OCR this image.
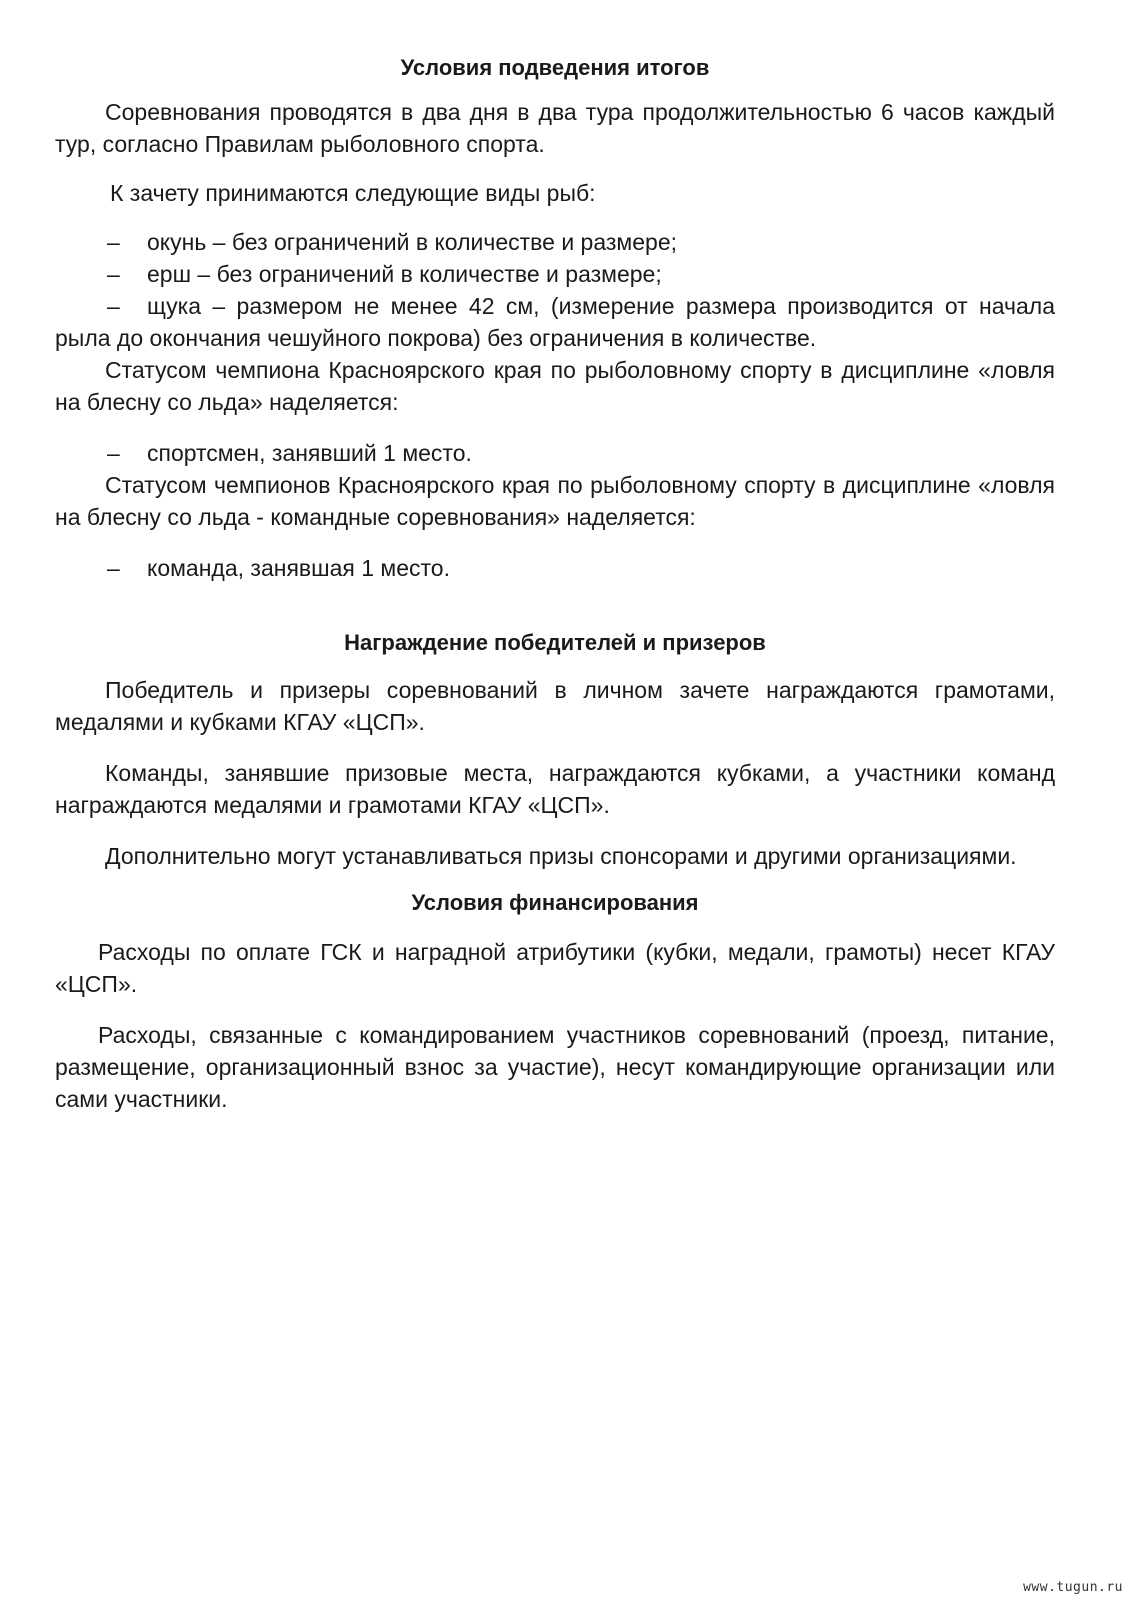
Условия подведения итогов

Соревнования проводятся в два дня в два тура продолжительностью 6 часов каждый тур, согласно Правилам рыболовного спорта.

К зачету принимаются следующие виды рыб:

– окунь – без ограничений в количестве и размере;

– ерш – без ограничений в количестве и размере;

– щука – размером не менее 42 см, (измерение размера производится от начала рыла до окончания чешуйного покрова) без ограничения в количестве.

Статусом чемпиона Красноярского края по рыболовному спорту в дисциплине «ловля на блесну со льда» наделяется:

– спортсмен, занявший 1 место.

Статусом чемпионов Красноярского края по рыболовному спорту в дисциплине «ловля на блесну со льда - командные соревнования» наделяется:

– команда, занявшая 1 место.

Награждение победителей и призеров

Победитель и призеры соревнований в личном зачете награждаются грамотами, медалями и кубками КГАУ «ЦСП».

Команды, занявшие призовые места, награждаются кубками, а участники команд награждаются медалями и грамотами КГАУ «ЦСП».

Дополнительно могут устанавливаться призы спонсорами и другими организациями.

Условия финансирования

Расходы по оплате ГСК и наградной атрибутики (кубки, медали, грамоты) несет КГАУ «ЦСП».

Расходы, связанные с командированием участников соревнований (проезд, питание, размещение, организационный взнос за участие), несут командирующие организации или сами участники.

www.tugun.ru
